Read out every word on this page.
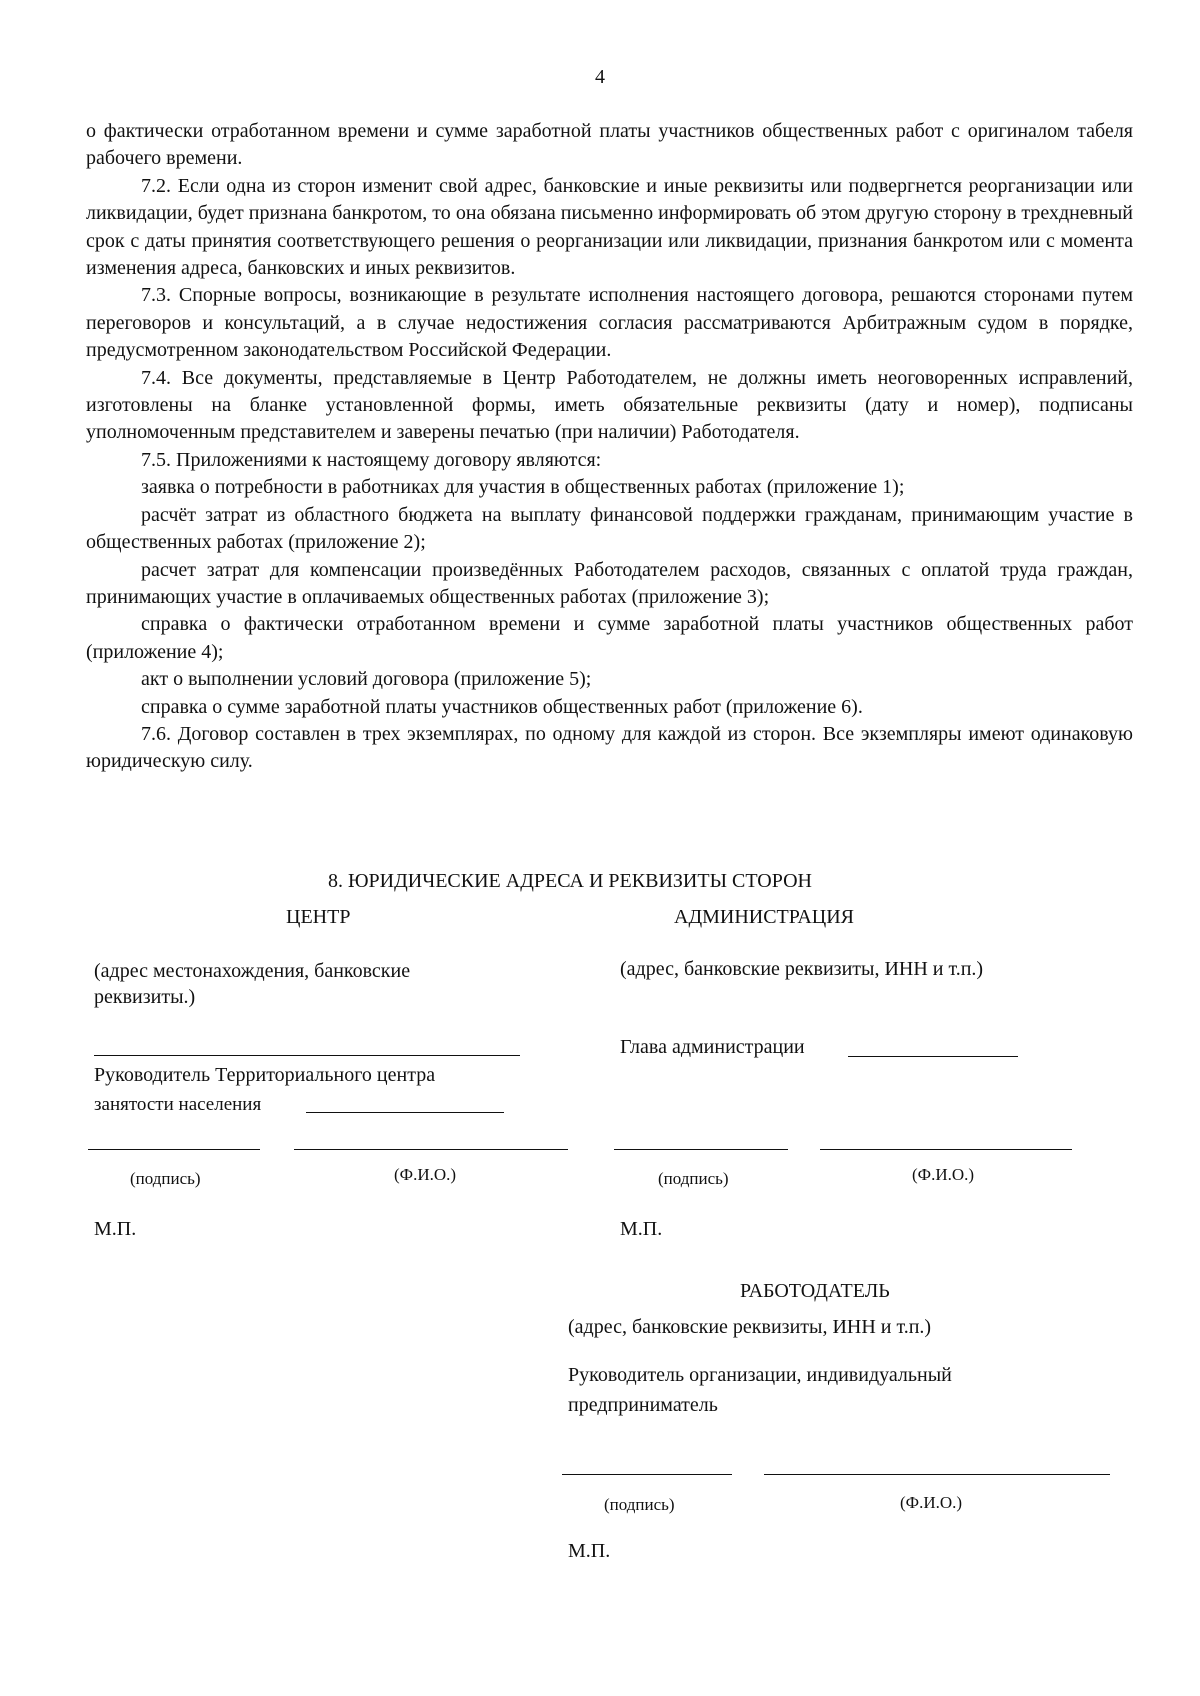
4

о фактически отработанном времени и сумме заработной платы участников общественных работ с оригиналом табеля рабочего времени.

7.2. Если одна из сторон изменит свой адрес, банковские и иные реквизиты или подвергнется реорганизации или ликвидации, будет признана банкротом, то она обязана письменно информировать об этом другую сторону в трехдневный срок с даты принятия соответствующего решения о реорганизации или ликвидации, признания банкротом или с момента изменения адреса, банковских и иных реквизитов.

7.3. Спорные вопросы, возникающие в результате исполнения настоящего договора, решаются сторонами путем переговоров и консультаций, а в случае недостижения согласия рассматриваются Арбитражным судом в порядке, предусмотренном законодательством Российской Федерации.

7.4. Все документы, представляемые в Центр Работодателем, не должны иметь неоговоренных исправлений, изготовлены на бланке установленной формы, иметь обязательные реквизиты (дату и номер), подписаны уполномоченным представителем и заверены печатью (при наличии) Работодателя.

7.5. Приложениями к настоящему договору являются:

заявка о потребности в работниках для участия в общественных работах (приложение 1);

расчёт затрат из областного бюджета на выплату финансовой поддержки гражданам, принимающим участие в общественных работах (приложение 2);

расчет затрат для компенсации произведённых Работодателем расходов, связанных с оплатой труда граждан, принимающих участие в оплачиваемых общественных работах (приложение 3);

справка о фактически отработанном времени и сумме заработной платы участников общественных работ (приложение 4);

акт о выполнении условий договора (приложение 5);

справка о сумме заработной платы участников общественных работ (приложение 6).

7.6. Договор составлен в трех экземплярах, по одному для каждой из сторон. Все экземпляры имеют одинаковую юридическую силу.

8. ЮРИДИЧЕСКИЕ АДРЕСА И РЕКВИЗИТЫ СТОРОН
ЦЕНТР
(адрес местонахождения, банковские реквизиты.)
Руководитель Территориального центра
занятости населения
(подпись)	(Ф.И.О.)
М.П.
АДМИНИСТРАЦИЯ
(адрес, банковские реквизиты, ИНН и т.п.)
Глава администрации
(подпись)	(Ф.И.О.)
М.П.
РАБОТОДАТЕЛЬ
(адрес, банковские реквизиты, ИНН и т.п.)
Руководитель организации, индивидуальный
предприниматель
(подпись)	(Ф.И.О.)
М.П.
